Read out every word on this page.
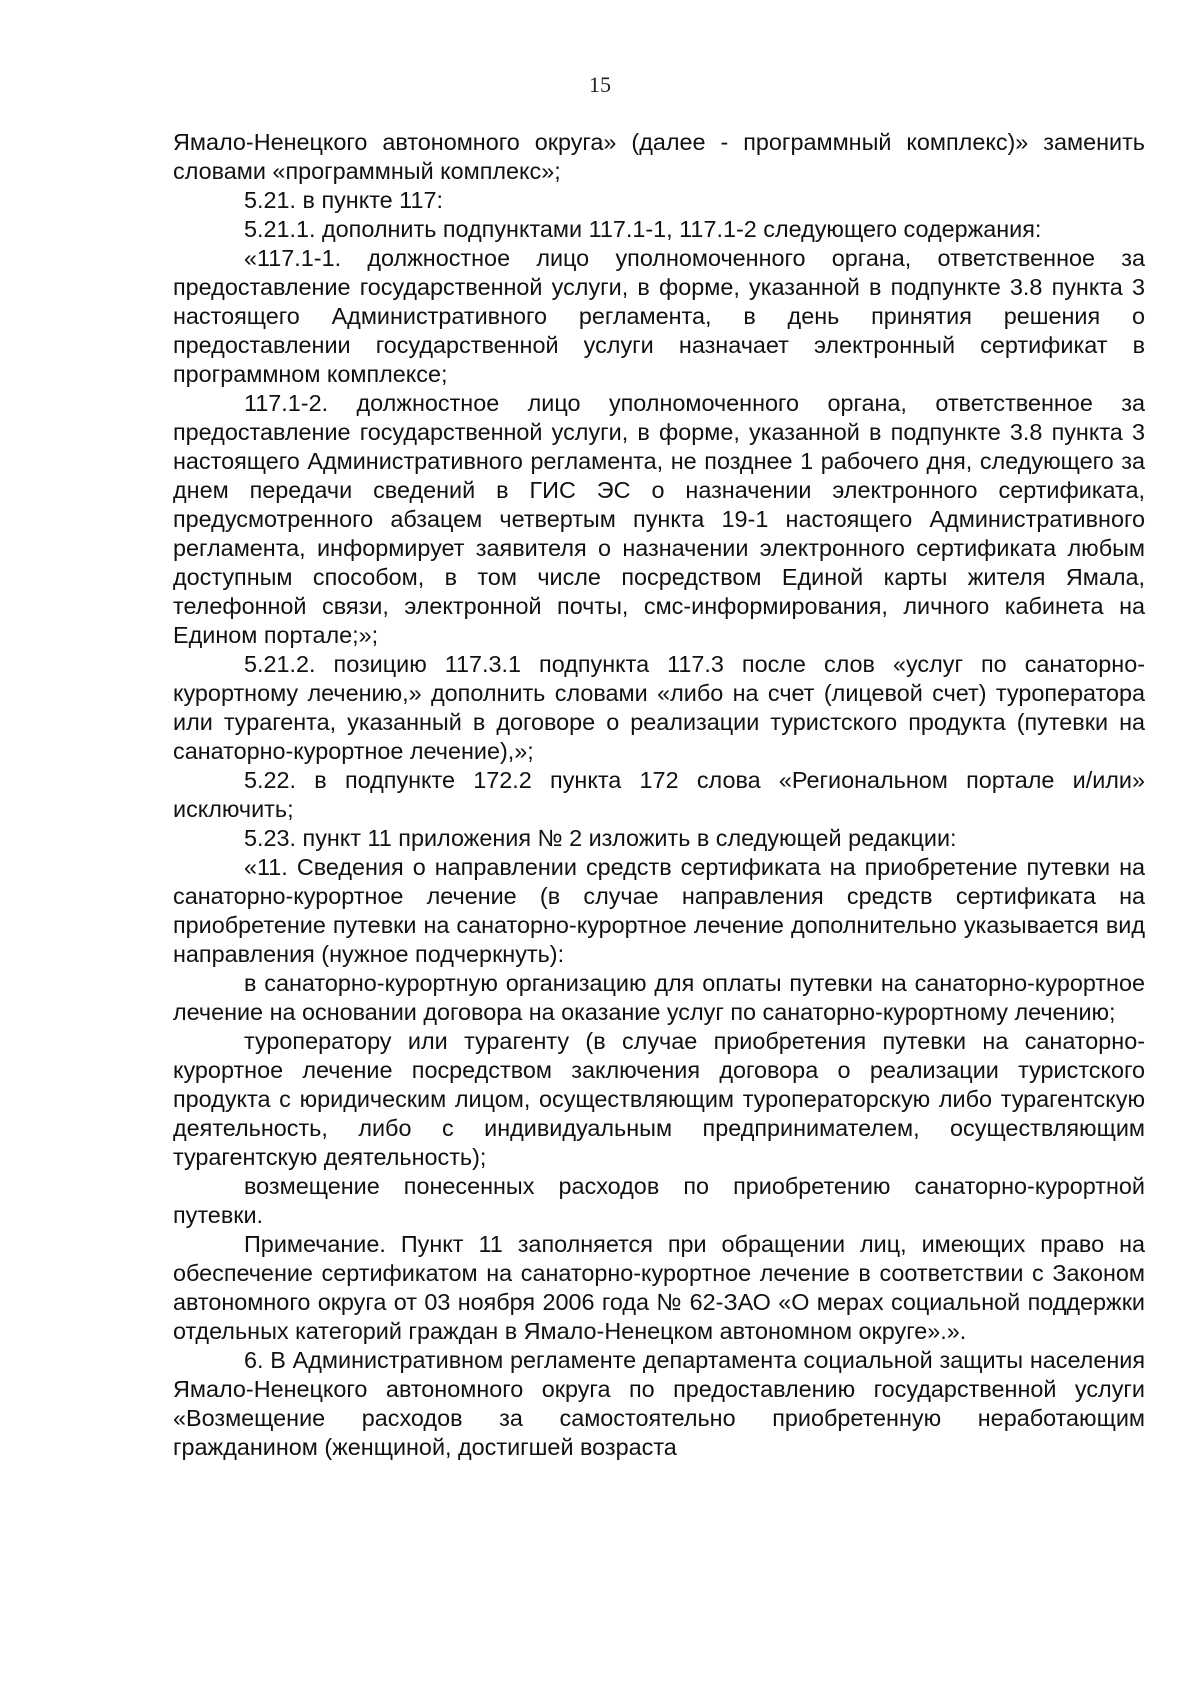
15

Ямало-Ненецкого автономного округа» (далее - программный комплекс)» заменить словами «программный комплекс»;

5.21. в пункте 117:

5.21.1. дополнить подпунктами 117.1-1, 117.1-2 следующего содержания:

«117.1-1. должностное лицо уполномоченного органа, ответственное за предоставление государственной услуги, в форме, указанной в подпункте 3.8 пункта 3 настоящего Административного регламента, в день принятия решения о предоставлении государственной услуги назначает электронный сертификат в программном комплексе;

117.1-2. должностное лицо уполномоченного органа, ответственное за предоставление государственной услуги, в форме, указанной в подпункте 3.8 пункта 3 настоящего Административного регламента, не позднее 1 рабочего дня, следующего за днем передачи сведений в ГИС ЭС о назначении электронного сертификата, предусмотренного абзацем четвертым пункта 19-1 настоящего Административного регламента, информирует заявителя о назначении электронного сертификата любым доступным способом, в том числе посредством Единой карты жителя Ямала, телефонной связи, электронной почты, смс-информирования, личного кабинета на Едином портале;»;

5.21.2. позицию 117.3.1 подпункта 117.3 после слов «услуг по санаторно-курортному лечению,» дополнить словами «либо на счет (лицевой счет) туроператора или турагента, указанный в договоре о реализации туристского продукта (путевки на санаторно-курортное лечение),»;

5.22. в подпункте 172.2 пункта 172 слова «Региональном портале и/или» исключить;

5.23. пункт 11 приложения № 2 изложить в следующей редакции:

«11. Сведения о направлении средств сертификата на приобретение путевки на санаторно-курортное лечение (в случае направления средств сертификата на приобретение путевки на санаторно-курортное лечение дополнительно указывается вид направления (нужное подчеркнуть):

в санаторно-курортную организацию для оплаты путевки на санаторно-курортное лечение на основании договора на оказание услуг по санаторно-курортному лечению;

туроператору или турагенту (в случае приобретения путевки на санаторно-курортное лечение посредством заключения договора о реализации туристского продукта с юридическим лицом, осуществляющим туроператорскую либо турагентскую деятельность, либо с индивидуальным предпринимателем, осуществляющим турагентскую деятельность);

возмещение понесенных расходов по приобретению санаторно-курортной путевки.

Примечание. Пункт 11 заполняется при обращении лиц, имеющих право на обеспечение сертификатом на санаторно-курортное лечение в соответствии с Законом автономного округа от 03 ноября 2006 года № 62-ЗАО «О мерах социальной поддержки отдельных категорий граждан в Ямало-Ненецком автономном округе».».

6. В Административном регламенте департамента социальной защиты населения Ямало-Ненецкого автономного округа по предоставлению государственной услуги «Возмещение расходов за самостоятельно приобретенную неработающим гражданином (женщиной, достигшей возраста
